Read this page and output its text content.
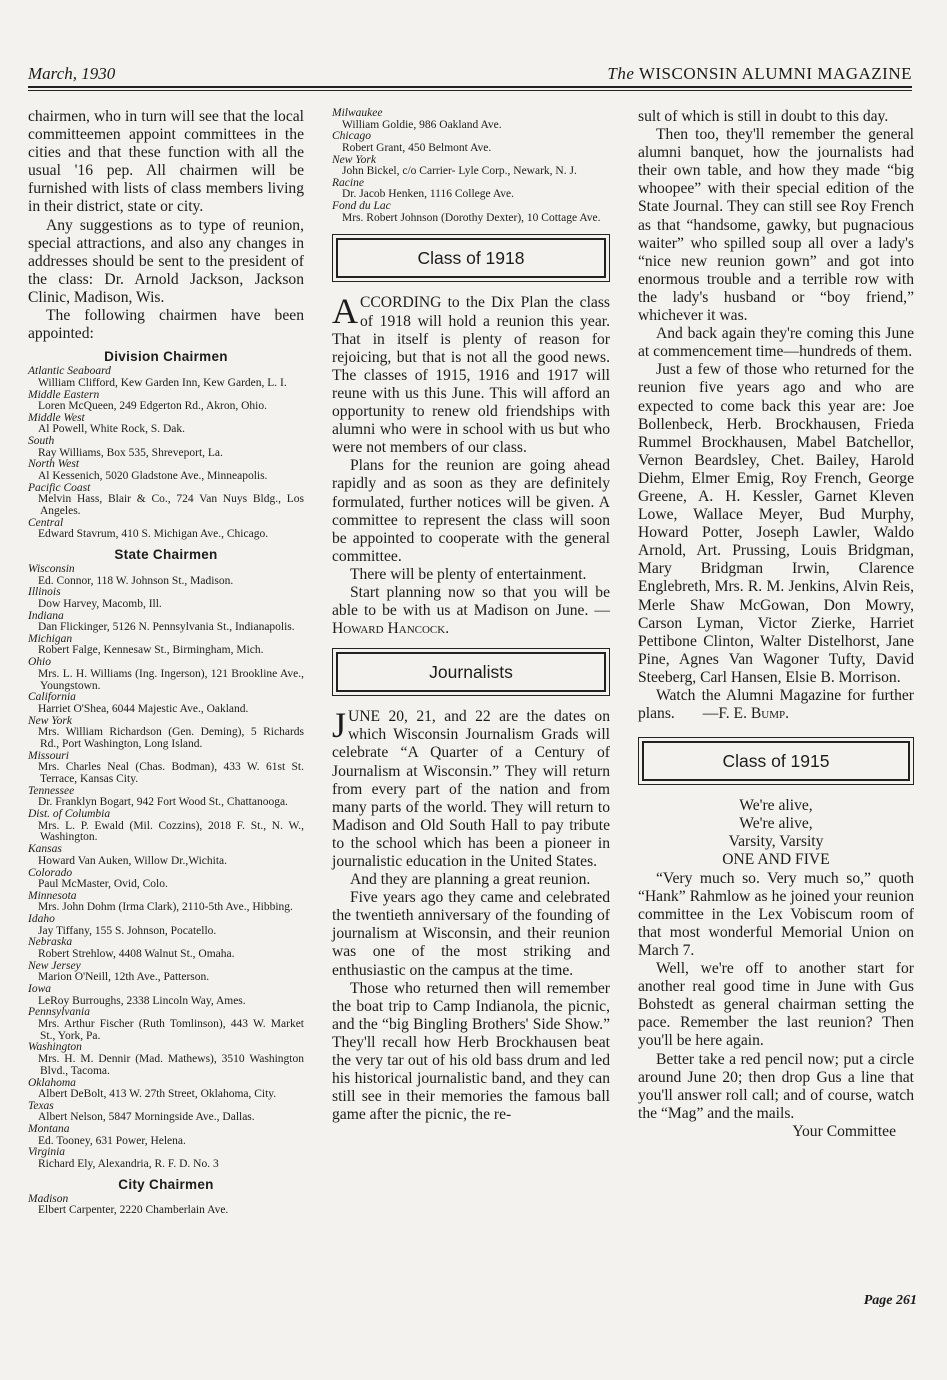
March, 1930	The WISCONSIN ALUMNI MAGAZINE

chairmen, who in turn will see that the local committeemen appoint committees in the cities and that these function with all the usual '16 pep. All chairmen will be furnished with lists of class members living in their district, state or city.

Any suggestions as to type of reunion, special attractions, and also any changes in addresses should be sent to the president of the class: Dr. Arnold Jackson, Jackson Clinic, Madison, Wis.

The following chairmen have been appointed:

Division Chairmen
Atlantic Seaboard
William Clifford, Kew Garden Inn, Kew Garden, L. I.
Middle Eastern
Loren McQueen, 249 Edgerton Rd., Akron, Ohio.
Middle West
Al Powell, White Rock, S. Dak.
South
Ray Williams, Box 535, Shreveport, La.
North West
Al Kessenich, 5020 Gladstone Ave., Minneapolis.
Pacific Coast
Melvin Hass, Blair & Co., 724 Van Nuys Bldg., Los Angeles.
Central
Edward Stavrum, 410 S. Michigan Ave., Chicago.
State Chairmen
Wisconsin
Ed. Connor, 118 W. Johnson St., Madison.
Illinois
Dow Harvey, Macomb, Ill.
Indiana
Dan Flickinger, 5126 N. Pennsylvania St., Indianapolis.
Michigan
Robert Falge, Kennesaw St., Birmingham, Mich.
Ohio
Mrs. L. H. Williams (Ing. Ingerson), 121 Brookline Ave., Youngstown.
California
Harriet O'Shea, 6044 Majestic Ave., Oakland.
New York
Mrs. William Richardson (Gen. Deming), 5 Richards Rd., Port Washington, Long Island.
Missouri
Mrs. Charles Neal (Chas. Bodman), 433 W. 61st St. Terrace, Kansas City.
Tennessee
Dr. Franklyn Bogart, 942 Fort Wood St., Chattanooga.
Dist. of Columbia
Mrs. L. P. Ewald (Mil. Cozzins), 2018 F. St., N. W., Washington.
Kansas
Howard Van Auken, Willow Dr.,Wichita.
Colorado
Paul McMaster, Ovid, Colo.
Minnesota
Mrs. John Dohm (Irma Clark), 2110-5th Ave., Hibbing.
Idaho
Jay Tiffany, 155 S. Johnson, Pocatello.
Nebraska
Robert Strehlow, 4408 Walnut St., Omaha.
New Jersey
Marion O'Neill, 12th Ave., Patterson.
Iowa
LeRoy Burroughs, 2338 Lincoln Way, Ames.
Pennsylvania
Mrs. Arthur Fischer (Ruth Tomlinson), 443 W. Market St., York, Pa.
Washington
Mrs. H. M. Dennir (Mad. Mathews), 3510 Washington Blvd., Tacoma.
Oklahoma
Albert DeBolt, 413 W. 27th Street, Oklahoma, City.
Texas
Albert Nelson, 5847 Morningside Ave., Dallas.
Montana
Ed. Tooney, 631 Power, Helena.
Virginia
Richard Ely, Alexandria, R. F. D. No. 3
City Chairmen
Madison
Elbert Carpenter, 2220 Chamberlain Ave.
Milwaukee
William Goldie, 986 Oakland Ave.
Chicago
Robert Grant, 450 Belmont Ave.
New York
John Bickel, c/o Carrier- Lyle Corp., Newark, N. J.
Racine
Dr. Jacob Henken, 1116 College Ave.
Fond du Lac
Mrs. Robert Johnson (Dorothy Dexter), 10 Cottage Ave.
Class of 1918

ACCORDING to the Dix Plan the class of 1918 will hold a reunion this year. That in itself is plenty of reason for rejoicing, but that is not all the good news. The classes of 1915, 1916 and 1917 will reune with us this June. This will afford an opportunity to renew old friendships with alumni who were in school with us but who were not members of our class.

Plans for the reunion are going ahead rapidly and as soon as they are definitely formulated, further notices will be given. A committee to represent the class will soon be appointed to cooperate with the general committee.

There will be plenty of entertainment.

Start planning now so that you will be able to be with us at Madison on June. —Howard Hancock.

Journalists

JUNE 20, 21, and 22 are the dates on which Wisconsin Journalism Grads will celebrate “A Quarter of a Century of Journalism at Wisconsin.” They will return from every part of the nation and from many parts of the world. They will return to Madison and Old South Hall to pay tribute to the school which has been a pioneer in journalistic education in the United States.

And they are planning a great reunion.

Five years ago they came and celebrated the twentieth anniversary of the founding of journalism at Wisconsin, and their reunion was one of the most striking and enthusiastic on the campus at the time.

Those who returned then will remember the boat trip to Camp Indianola, the picnic, and the “big Bingling Brothers' Side Show.” They'll recall how Herb Brockhausen beat the very tar out of his old bass drum and led his historical journalistic band, and they can still see in their memories the famous ball game after the picnic, the re-

sult of which is still in doubt to this day.

Then too, they'll remember the general alumni banquet, how the journalists had their own table, and how they made “big whoopee” with their special edition of the State Journal. They can still see Roy French as that “handsome, gawky, but pugnacious waiter” who spilled soup all over a lady's “nice new reunion gown” and got into enormous trouble and a terrible row with the lady's husband or “boy friend,” whichever it was.

And back again they're coming this June at commencement time—hundreds of them.

Just a few of those who returned for the reunion five years ago and who are expected to come back this year are: Joe Bollenbeck, Herb. Brockhausen, Frieda Rummel Brockhausen, Mabel Batchellor, Vernon Beardsley, Chet. Bailey, Harold Diehm, Elmer Emig, Roy French, George Greene, A. H. Kessler, Garnet Kleven Lowe, Wallace Meyer, Bud Murphy, Howard Potter, Joseph Lawler, Waldo Arnold, Art. Prussing, Louis Bridgman, Mary Bridgman Irwin, Clarence Englebreth, Mrs. R. M. Jenkins, Alvin Reis, Merle Shaw McGowan, Don Mowry, Carson Lyman, Victor Zierke, Harriet Pettibone Clinton, Walter Distelhorst, Jane Pine, Agnes Van Wagoner Tufty, David Steeberg, Carl Hansen, Elsie B. Morrison.

Watch the Alumni Magazine for further plans. —F. E. Bump.

Class of 1915
We're alive,
We're alive,
Varsity, Varsity
ONE AND FIVE

“Very much so. Very much so,” quoth “Hank” Rahmlow as he joined your reunion committee in the Lex Vobiscum room of that most wonderful Memorial Union on March 7.

Well, we're off to another start for another real good time in June with Gus Bohstedt as general chairman setting the pace. Remember the last reunion? Then you'll be here again.

Better take a red pencil now; put a circle around June 20; then drop Gus a line that you'll answer roll call; and of course, watch the “Mag” and the mails.

Your Committee
Page 261
